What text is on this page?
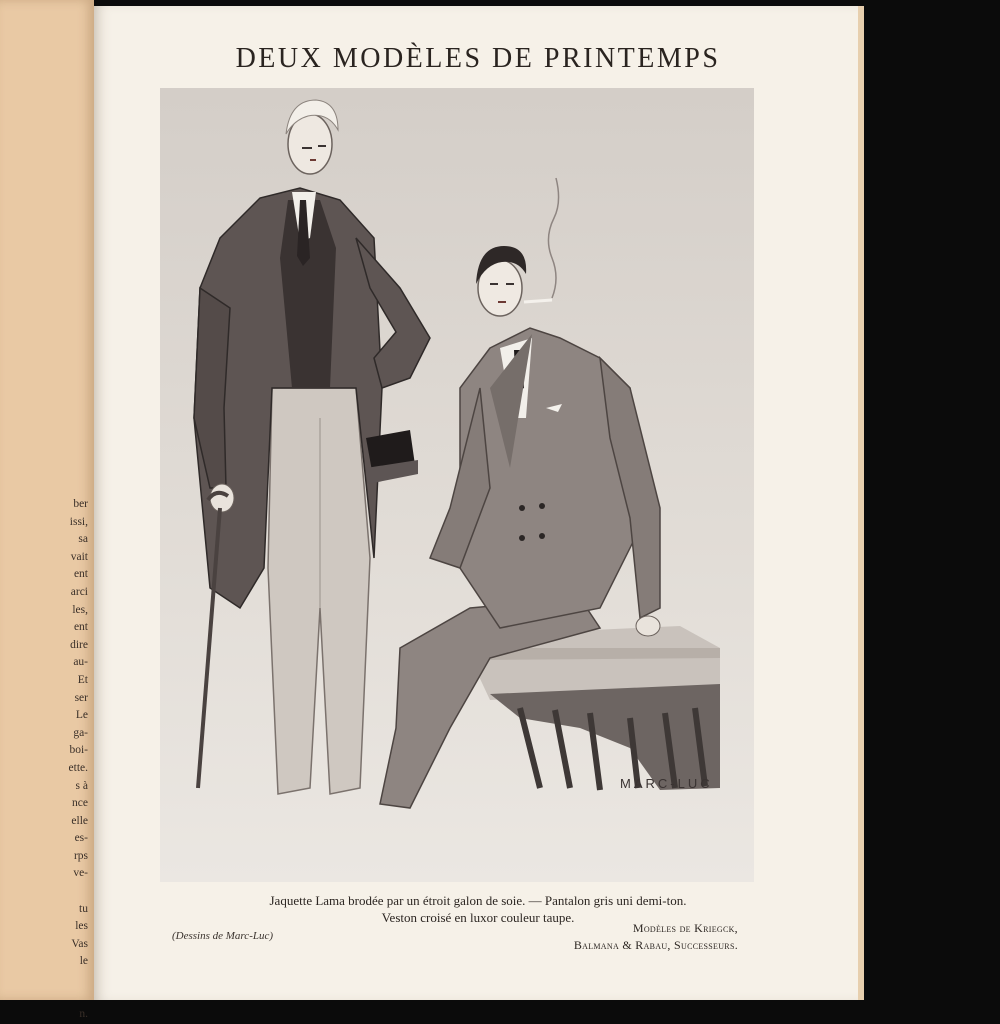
ber
issi,
sa
vait
ent
arci
les,
ent
dire
au-
Et
ser
Le
ga-
boi-
ette.
s à
nce
elle
es-
rps
ve-
tu
les
Vas
le
n.
DEUX MODÈLES DE PRINTEMPS
MARC-LUC
Jaquette Lama brodée par un étroit galon de soie. — Pantalon gris uni demi-ton.
Veston croisé en luxor couleur taupe.
(Dessins de Marc-Luc)
Modèles de Kriegck,
Balmana & Rabau, Successeurs.
